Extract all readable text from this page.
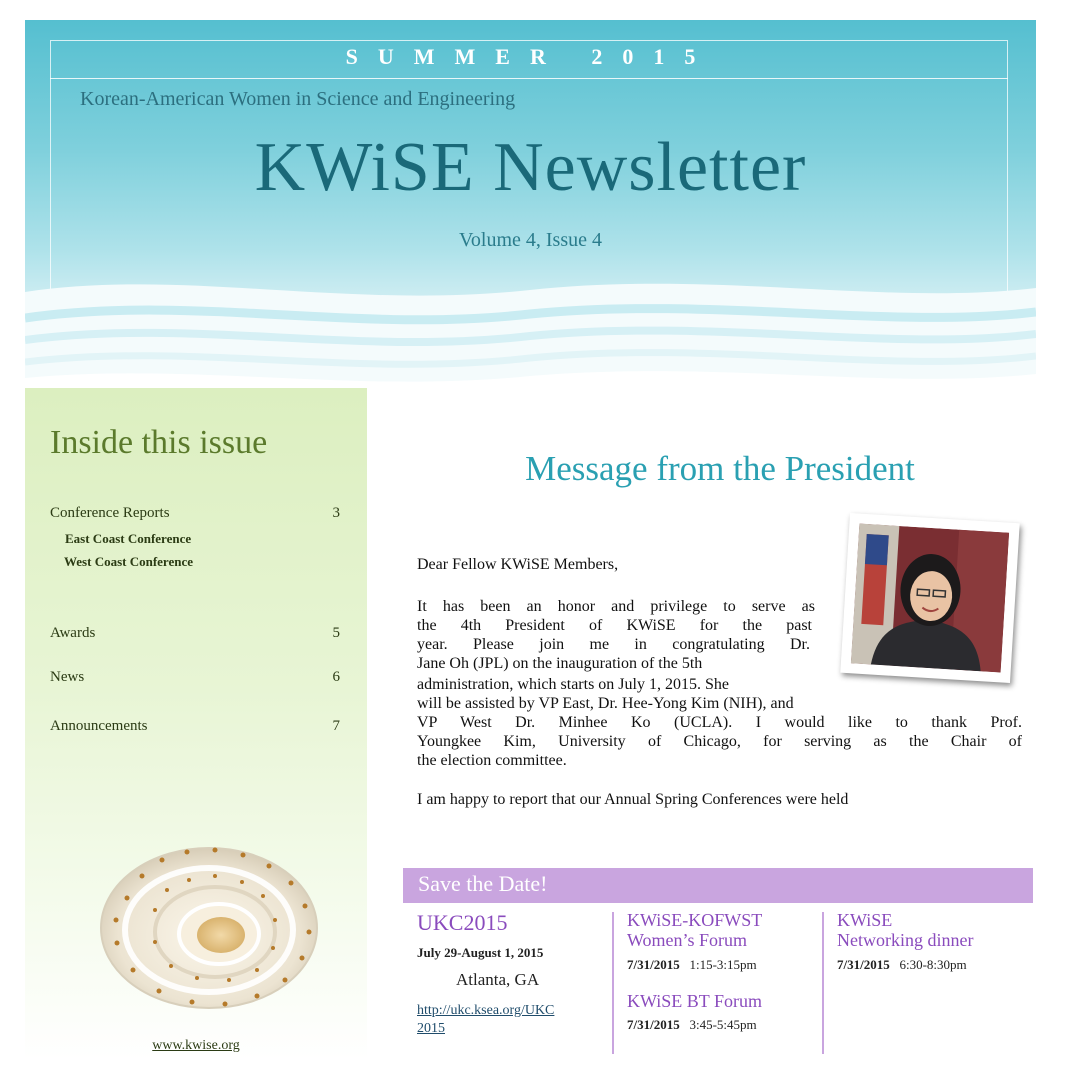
SUMMER 2015
Korean-American Women in Science and Engineering
KWiSE Newsletter
Volume 4, Issue 4
Inside this issue
Conference Reports	3
East Coast Conference
West Coast Conference
Awards	5
News	6
Announcements	7
www.kwise.org
Message from the President
Dear Fellow KWiSE Members,
It has been an honor and privilege to serve as
the 4th President of KWiSE for the past
year. Please join me in congratulating Dr.
Jane Oh (JPL) on the inauguration of the 5th
administration, which starts on July 1, 2015. She
will be assisted by VP East, Dr. Hee-Yong Kim (NIH), and
VP West Dr. Minhee Ko (UCLA). I would like to thank Prof.
Youngkee Kim, University of Chicago, for serving as the Chair of
the election committee.
I am happy to report that our Annual Spring Conferences were held
Save the Date!
UKC2015
July 29-August 1, 2015
Atlanta, GA
http://ukc.ksea.org/UKC
2015
KWiSE-KOFWST
Women’s Forum
7/31/2015 1:15-3:15pm
KWiSE BT Forum
7/31/2015 3:45-5:45pm
KWiSE
Networking dinner
7/31/2015 6:30-8:30pm
